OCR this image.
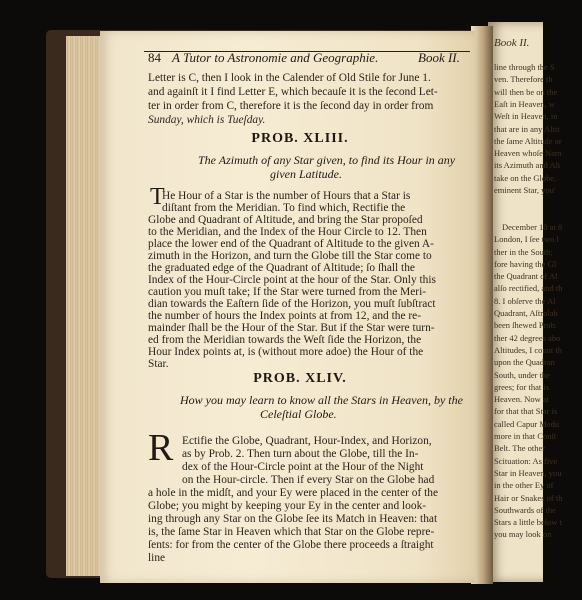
Book II.
line through the S
ven. Therefore th
will then be on the
Eaſt in Heaven, w
Weſt in Heaven, in
that are in any Altit
the ſame Altitude or
Heaven whoſe Nam
its Azimuth and Alt
take on the Globe,
eminent Star, you'
December 10 at 8
London, I ſee two l
ther in the South;
fore having the Gl
the Quadrant of Al
alſo rectified, and th
8. I obſerve the Al
Quadrant, Aſtrolab
been ſhewed Prob.
ther 42 degrees abo
Altitudes, I count th
upon the Quadran
South, under the
grees; for that is
Heaven. Now at
for that that Star is
called Capur Medu
more in that Conſt
Belt. The other
Scituation: As five
Star in Heaven, you
in the other Ey of
Hair or Snakes of th
Southwards of the
Stars a little below t
you may look on
84 A Tutor to Astronomie and Geographie.	Book II.
Letter is C, then I look in the Calender of Old Stile for June 1.
and againſt it I find Letter E, which becauſe it is the ſecond Let-
ter in order from C, therefore it is the ſecond day in order from
Sunday, which is Tueſday.
PROB. XLIII.
The Azimuth of any Star given, to find its Hour in any
given Latitude.
T
He Hour of a Star is the number of Hours that a Star is
diſtant from the Meridian. To find which, Rectifie the
Globe and Quadrant of Altitude, and bring the Star propoſed
to the Meridian, and the Index of the Hour Circle to 12. Then
place the lower end of the Quadrant of Altitude to the given A-
zimuth in the Horizon, and turn the Globe till the Star come to
the graduated edge of the Quadrant of Altitude; ſo ſhall the
Index of the Hour-Circle point at the hour of the Star. Only this
caution you muſt take; If the Star were turned from the Meri-
dian towards the Eaſtern ſide of the Horizon, you muſt ſubſtract
the number of hours the Index points at from 12, and the re-
mainder ſhall be the Hour of the Star. But if the Star were turn-
ed from the Meridian towards the Weſt ſide the Horizon, the
Hour Index points at, is (without more adoe) the Hour of the
Star.
PROB. XLIV.
How you may learn to know all the Stars in Heaven, by the
Celeſtial Globe.
R Ectifie the Globe, Quadrant, Hour-Index, and Horizon,
as by Prob. 2. Then turn about the Globe, till the In-
dex of the Hour-Circle point at the Hour of the Night
on the Hour-circle. Then if every Star on the Globe had
a hole in the midſt, and your Ey were placed in the center of the
Globe; you might by keeping your Ey in the center and look-
ing through any Star on the Globe ſee its Match in Heaven: that
is, the ſame Star in Heaven which that Star on the Globe repre-
ſents: for from the center of the Globe there proceeds a ſtraight
line
